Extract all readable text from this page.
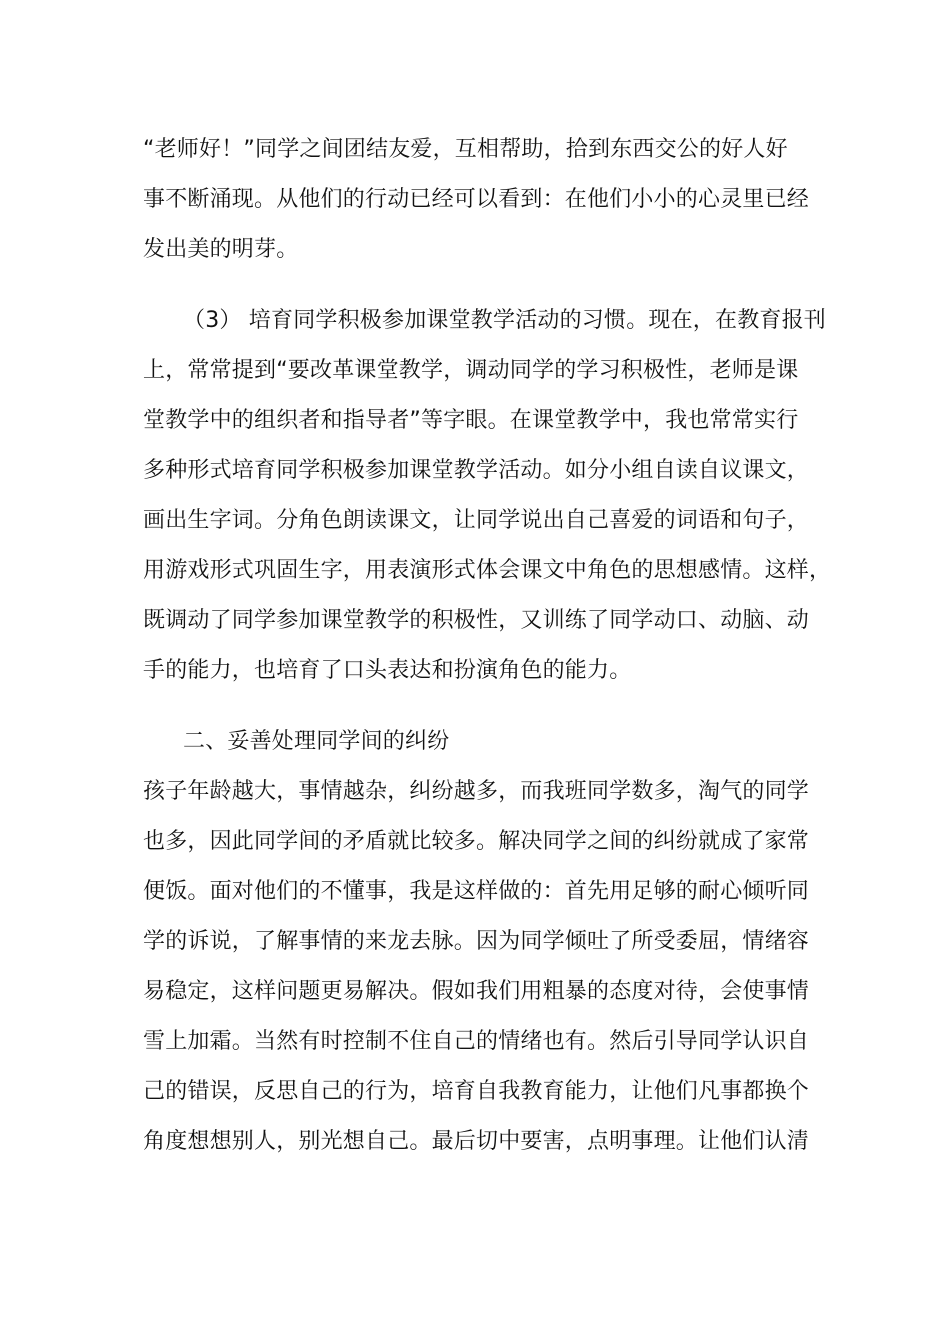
“老师好！”同学之间团结友爱，互相帮助，拾到东西交公的好人好
事不断涌现。从他们的行动已经可以看到：在他们小小的心灵里已经
发出美的明芽。
（3） 培育同学积极参加课堂教学活动的习惯。现在，在教育报刊
上，常常提到“要改革课堂教学，调动同学的学习积极性，老师是课
堂教学中的组织者和指导者”等字眼。在课堂教学中，我也常常实行
多种形式培育同学积极参加课堂教学活动。如分小组自读自议课文，
画出生字词。分角色朗读课文，让同学说出自己喜爱的词语和句子，
用游戏形式巩固生字，用表演形式体会课文中角色的思想感情。这样，
既调动了同学参加课堂教学的积极性，又训练了同学动口、动脑、动
手的能力，也培育了口头表达和扮演角色的能力。
二、妥善处理同学间的纠纷
孩子年龄越大，事情越杂，纠纷越多，而我班同学数多，淘气的同学
也多，因此同学间的矛盾就比较多。解决同学之间的纠纷就成了家常
便饭。面对他们的不懂事，我是这样做的：首先用足够的耐心倾听同
学的诉说，了解事情的来龙去脉。因为同学倾吐了所受委屈，情绪容
易稳定，这样问题更易解决。假如我们用粗暴的态度对待，会使事情
雪上加霜。当然有时控制不住自己的情绪也有。然后引导同学认识自
己的错误，反思自己的行为，培育自我教育能力，让他们凡事都换个
角度想想别人，别光想自己。最后切中要害，点明事理。让他们认清
